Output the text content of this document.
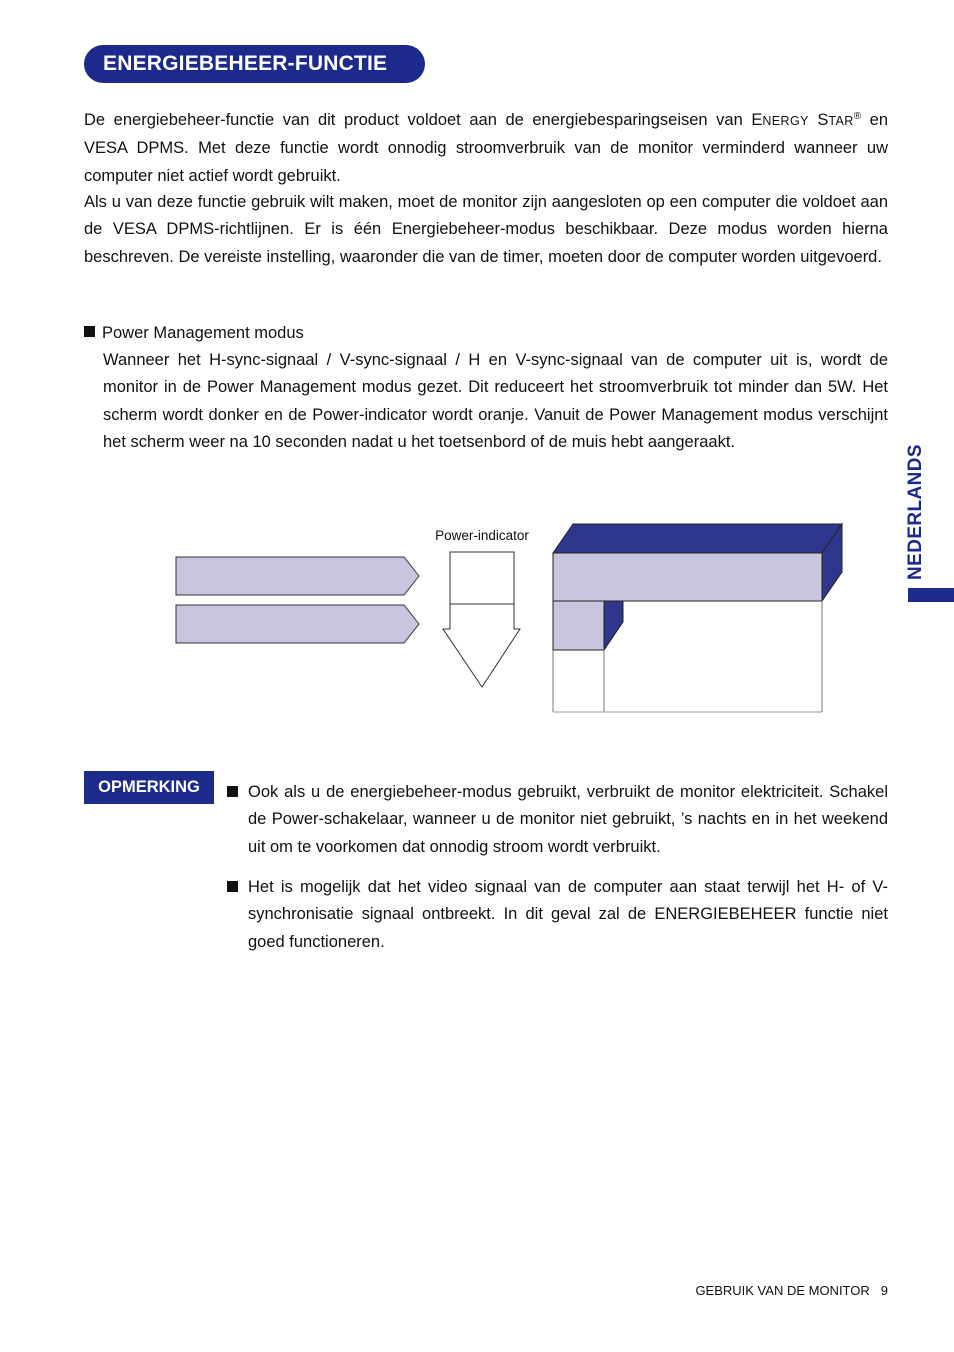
ENERGIEBEHEER-FUNCTIE

De energiebeheer-functie van dit product voldoet aan de energiebesparingseisen van ENERGY STAR® en VESA DPMS. Met deze functie wordt onnodig stroomverbruik van de monitor verminderd wanneer uw computer niet actief wordt gebruikt.

Als u van deze functie gebruik wilt maken, moet de monitor zijn aangesloten op een computer die voldoet aan de VESA DPMS-richtlijnen. Er is één Energiebeheer-modus beschikbaar. Deze modus worden hierna beschreven. De vereiste instelling, waaronder die van de timer, moeten door de computer worden uitgevoerd.

Power Management modus

Wanneer het H-sync-signaal / V-sync-signaal / H en V-sync-signaal van de computer uit is, wordt de monitor in de Power Management modus gezet. Dit reduceert het stroomverbruik tot minder dan 5W. Het scherm wordt donker en de Power-indicator wordt oranje. Vanuit de Power Management modus verschijnt het scherm weer na 10 seconden nadat u het toetsenbord of de muis hebt aangeraakt.

Power-indicator	NEDERLANDS
OPMERKING	Ook als u de energiebeheer-modus gebruikt, verbruikt de monitor elektriciteit. Schakel de Power-schakelaar, wanneer u de monitor niet gebruikt, ’s nachts en in het weekend uit om te voorkomen dat onnodig stroom wordt verbruikt.

Het is mogelijk dat het video signaal van de computer aan staat terwijl het H- of V-synchronisatie signaal ontbreekt. In dit geval zal de ENERGIEBEHEER functie niet goed functioneren.

GEBRUIK VAN DE MONITOR 9
